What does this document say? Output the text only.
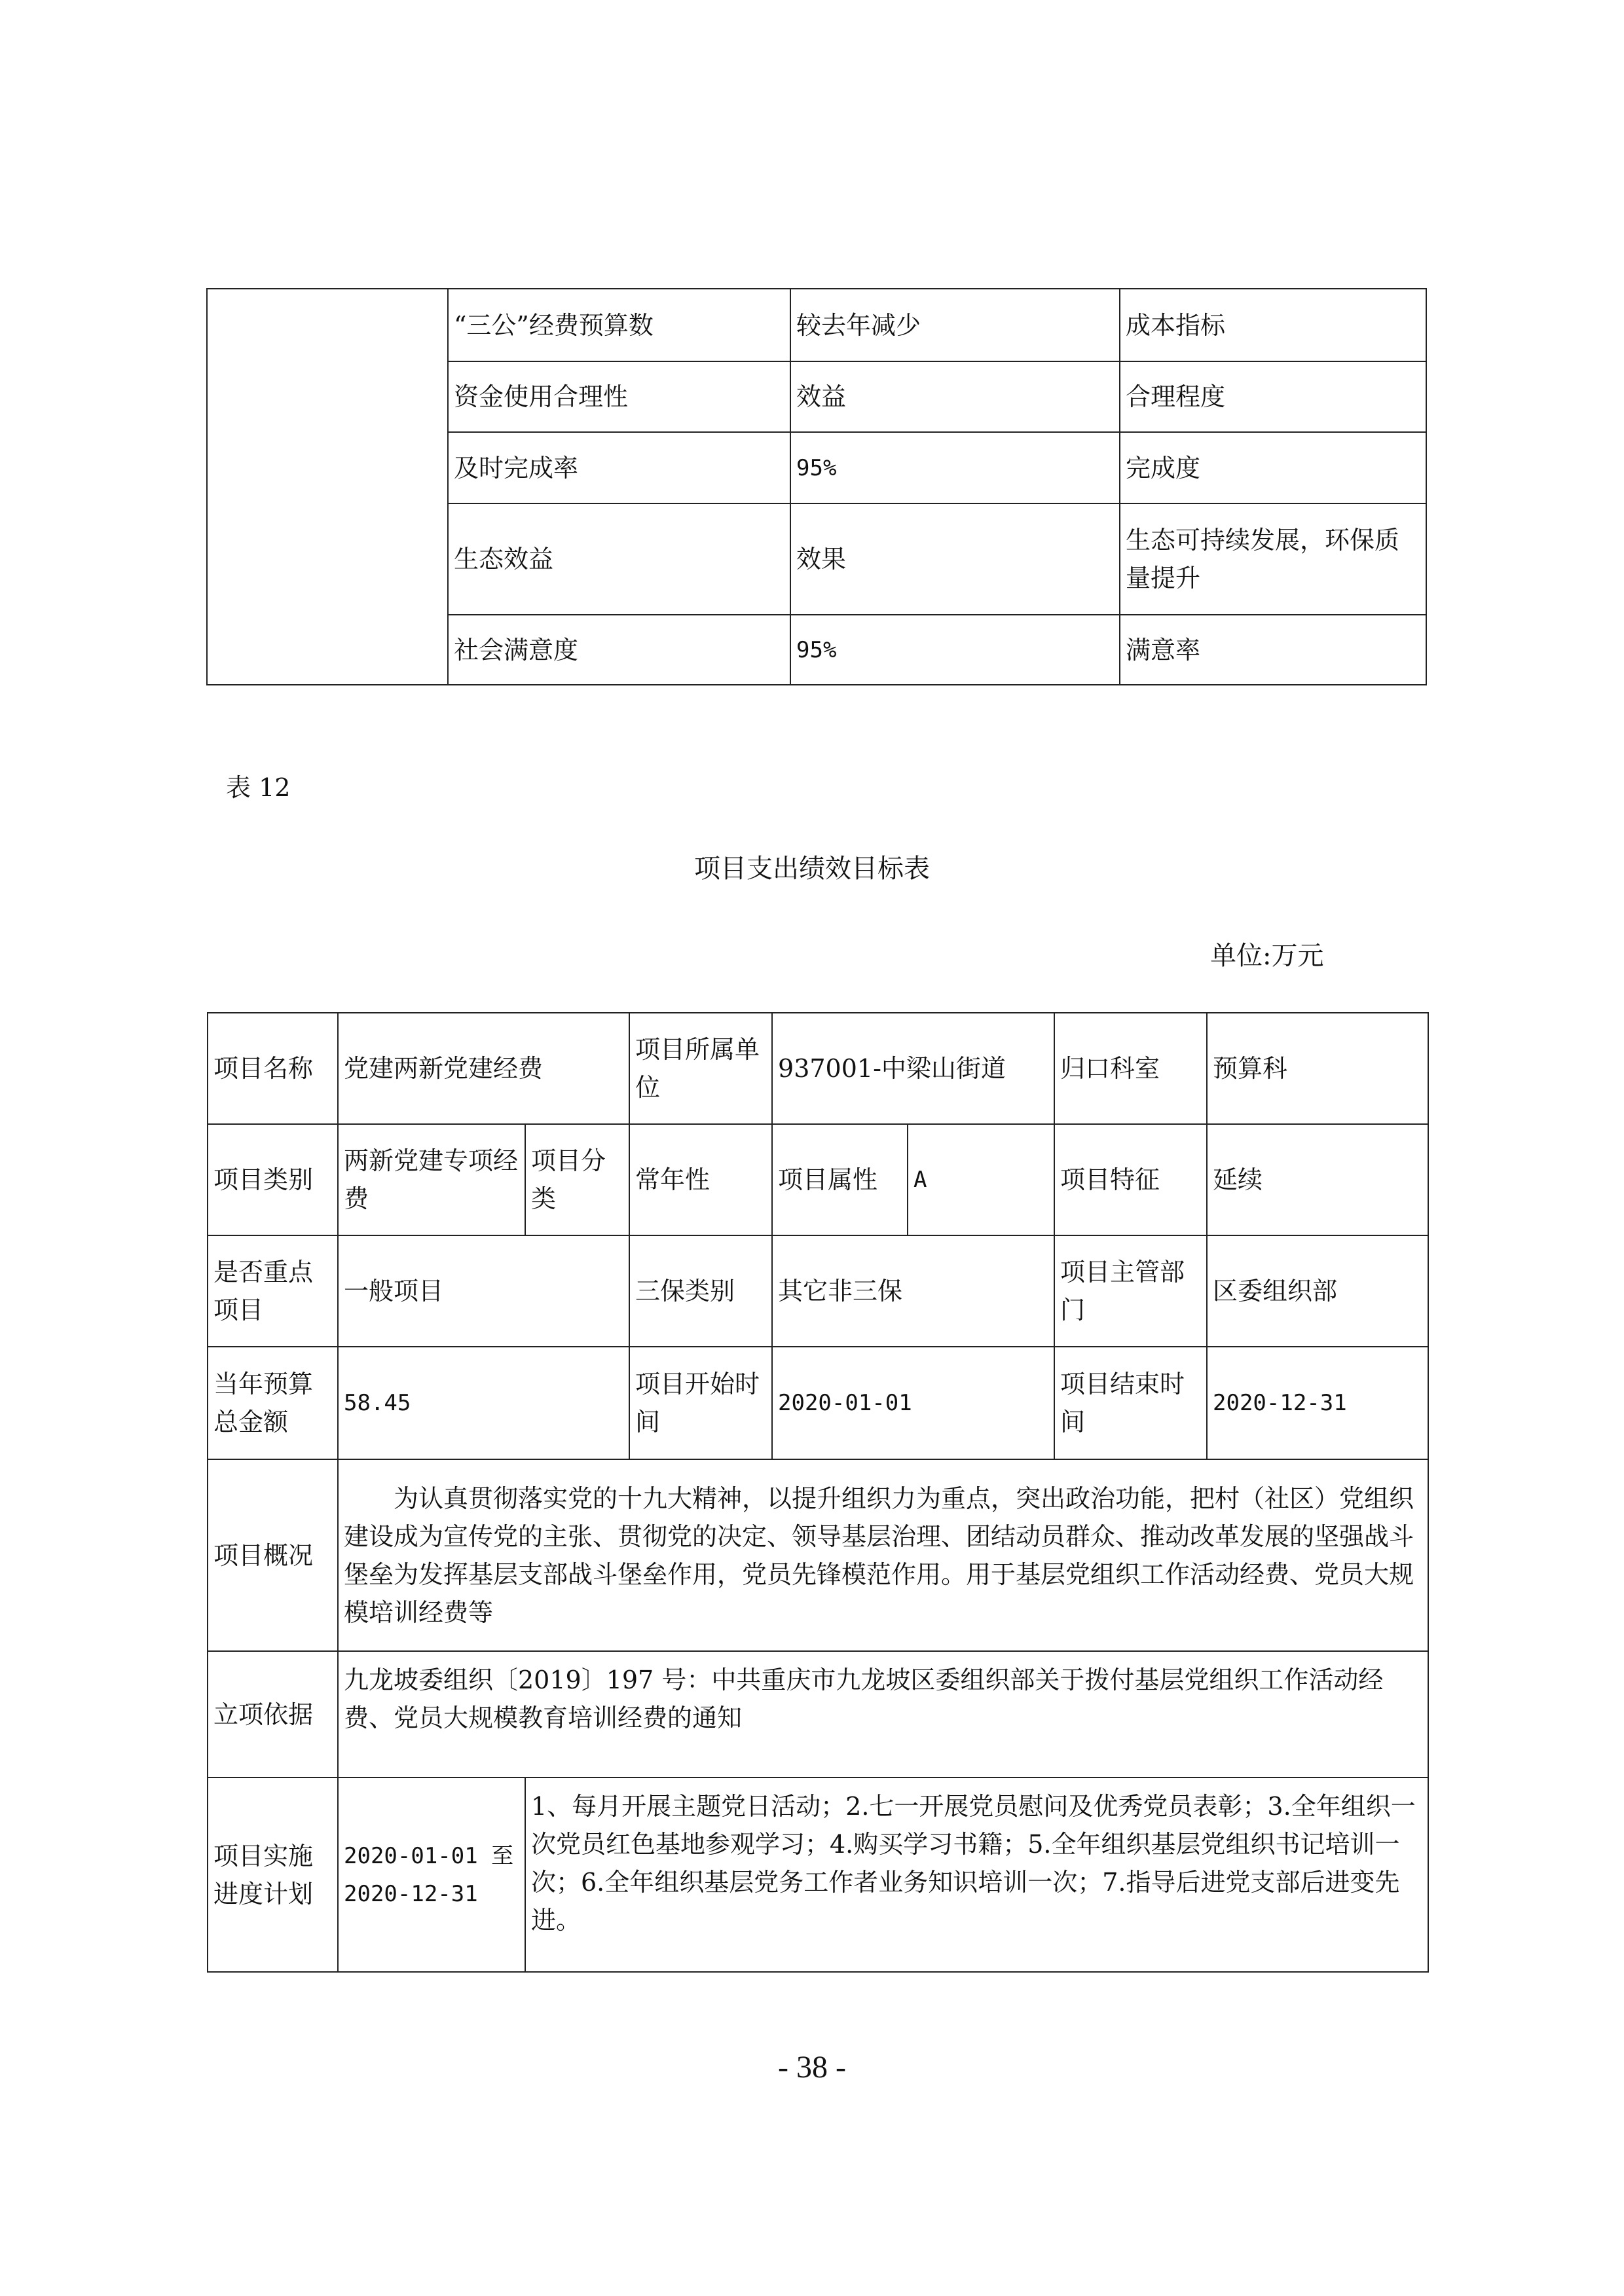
	“三公”经费预算数	较去年减少	成本指标
	资金使用合理性	效益	合理程度
	及时完成率	95%	完成度
	生态效益	效果	生态可持续发展，环保质量提升
	社会满意度	95%	满意率
表 12
项目支出绩效目标表
单位:万元
项目名称	党建两新党建经费		项目所属单位	937001-中梁山街道		归口科室	预算科
项目类别	两新党建专项经费	项目分类	常年性	项目属性	A	项目特征	延续
是否重点项目	一般项目		三保类别	其它非三保		项目主管部门	区委组织部
当年预算总金额	58.45		项目开始时间	2020-01-01		项目结束时间	2020-12-31
项目概况	为认真贯彻落实党的十九大精神，以提升组织力为重点，突出政治功能，把村（社区）党组织建设成为宣传党的主张、贯彻党的决定、领导基层治理、团结动员群众、推动改革发展的坚强战斗堡垒为发挥基层支部战斗堡垒作用，党员先锋模范作用。用于基层党组织工作活动经费、党员大规模培训经费等						
立项依据	九龙坡委组织〔2019〕197 号：中共重庆市九龙坡区委组织部关于拨付基层党组织工作活动经费、党员大规模教育培训经费的通知						
项目实施进度计划	2020-01-01 至 2020-12-31	1、每月开展主题党日活动；2.七一开展党员慰问及优秀党员表彰；3.全年组织一次党员红色基地参观学习；4.购买学习书籍；5.全年组织基层党组织书记培训一次；6.全年组织基层党务工作者业务知识培训一次；7.指导后进党支部后进变先进。					
- 38 -
